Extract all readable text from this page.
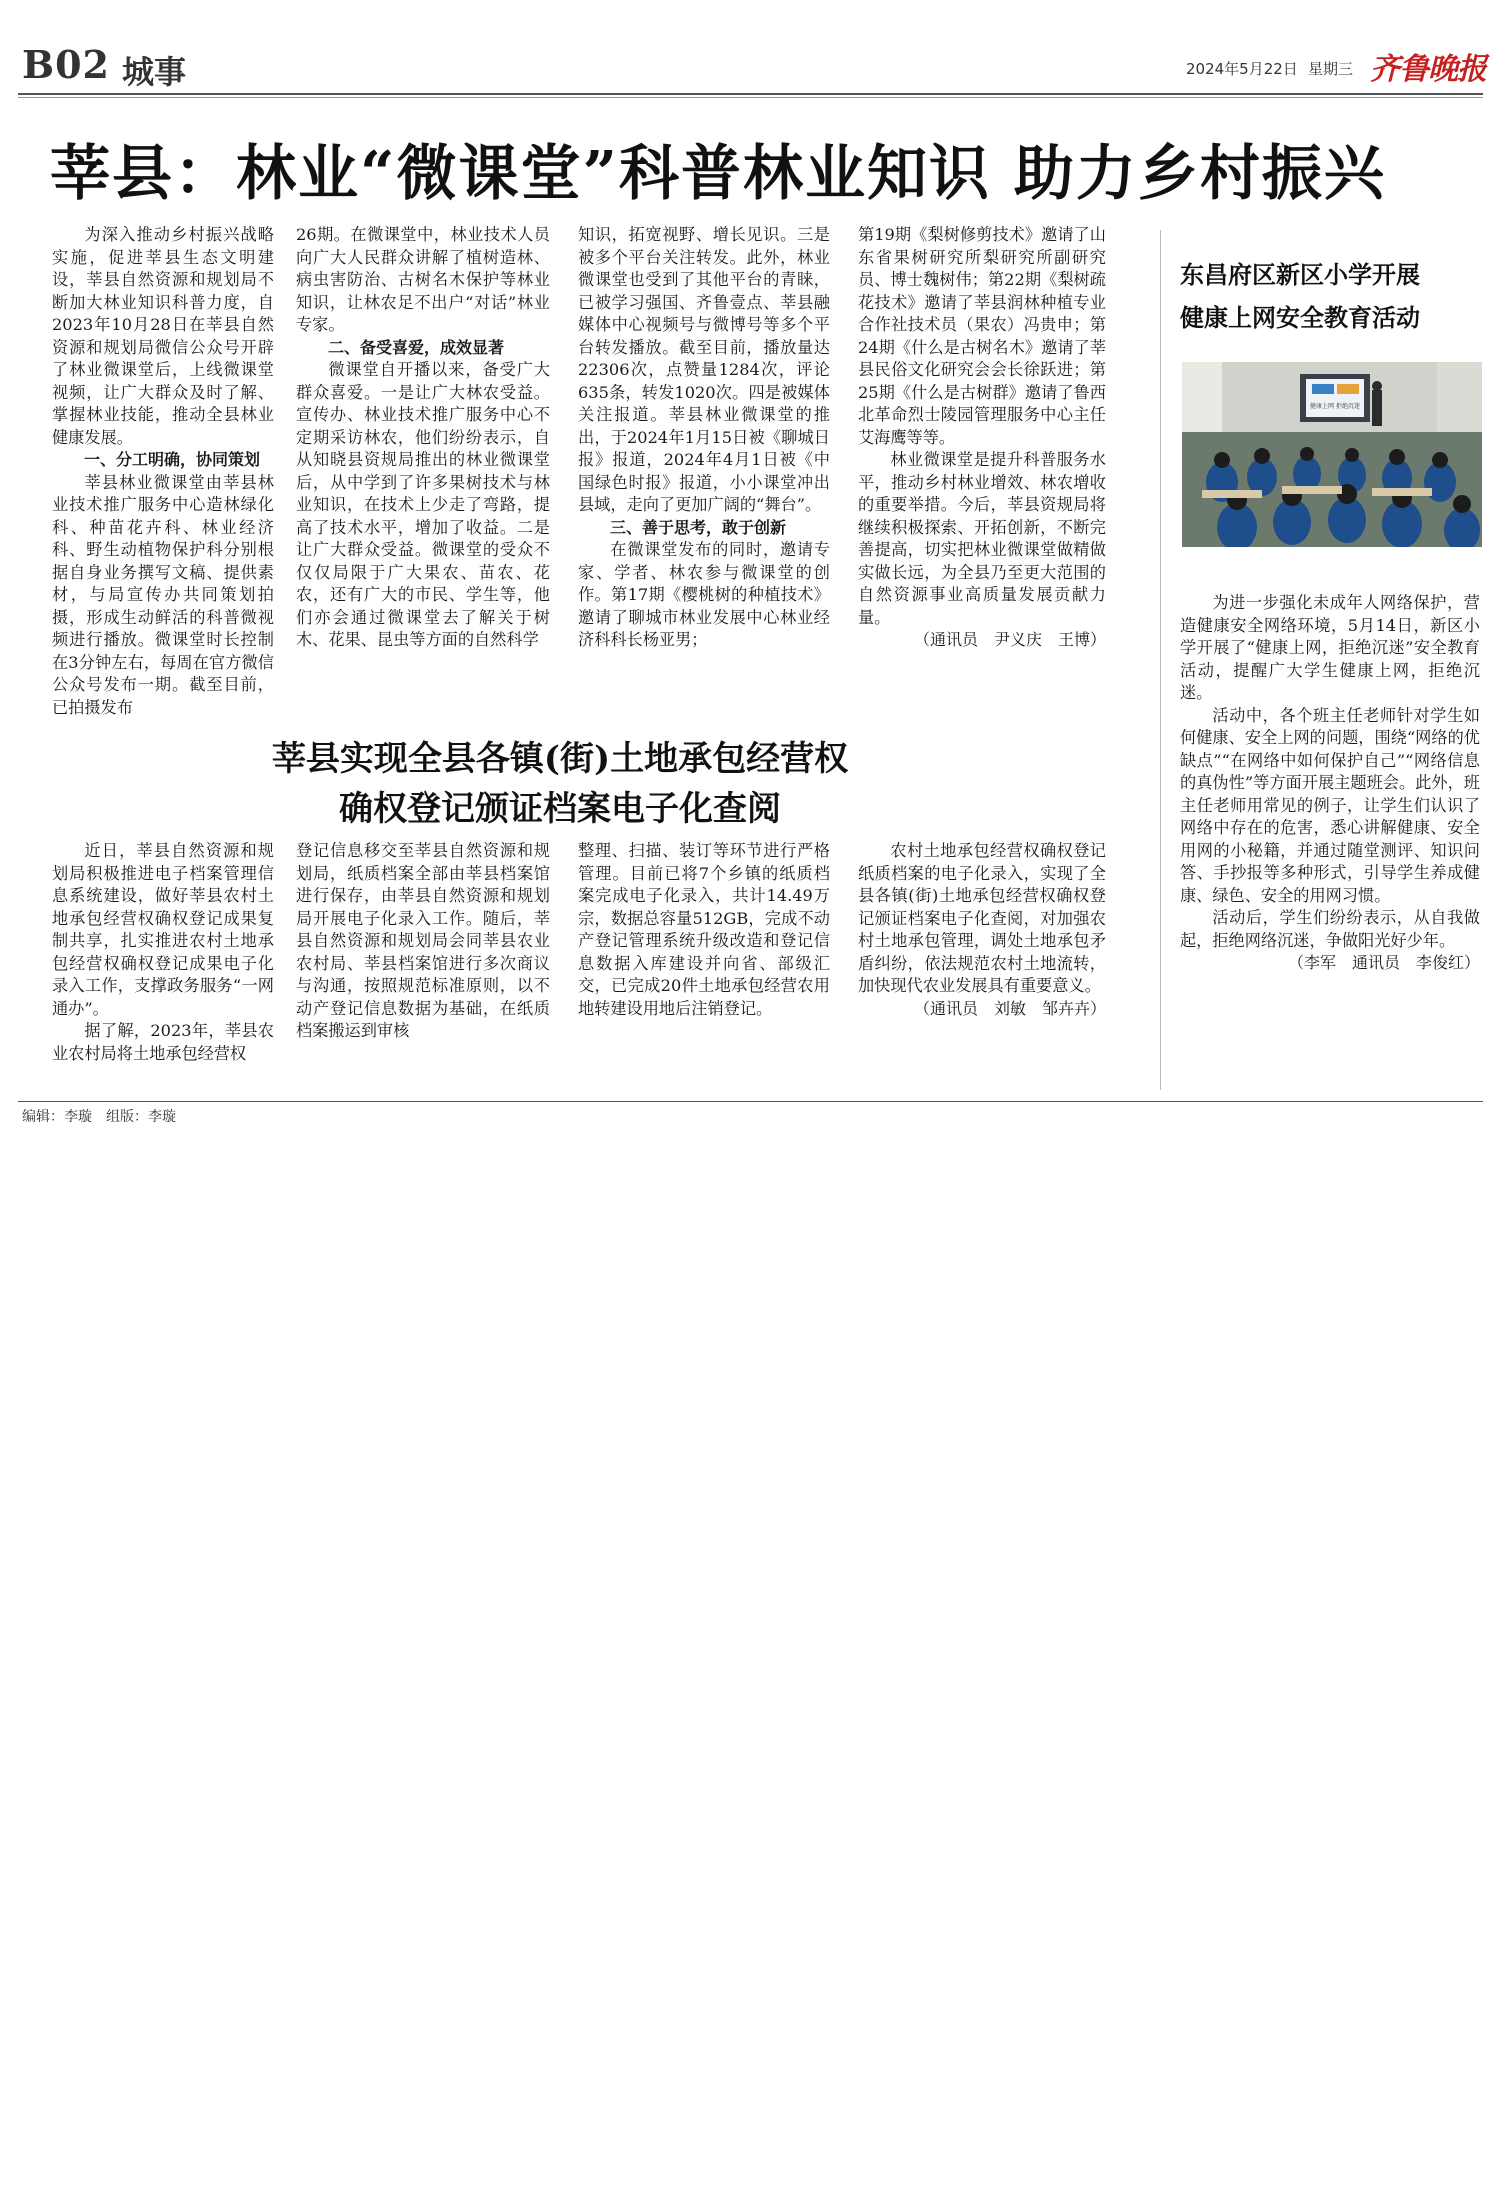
B02 城事	2024年5月22日 星期三 齐鲁晚报
莘县：林业“微课堂”科普林业知识 助力乡村振兴

为深入推动乡村振兴战略实施，促进莘县生态文明建设，莘县自然资源和规划局不断加大林业知识科普力度，自2023年10月28日在莘县自然资源和规划局微信公众号开辟了林业微课堂后，上线微课堂视频，让广大群众及时了解、掌握林业技能，推动全县林业健康发展。

一、分工明确，协同策划

莘县林业微课堂由莘县林业技术推广服务中心造林绿化科、种苗花卉科、林业经济科、野生动植物保护科分别根据自身业务撰写文稿、提供素材，与局宣传办共同策划拍摄，形成生动鲜活的科普微视频进行播放。微课堂时长控制在3分钟左右，每周在官方微信公众号发布一期。截至目前，已拍摄发布

26期。在微课堂中，林业技术人员向广大人民群众讲解了植树造林、病虫害防治、古树名木保护等林业知识，让林农足不出户“对话”林业专家。

二、备受喜爱，成效显著

微课堂自开播以来，备受广大群众喜爱。一是让广大林农受益。宣传办、林业技术推广服务中心不定期采访林农，他们纷纷表示，自从知晓县资规局推出的林业微课堂后，从中学到了许多果树技术与林业知识，在技术上少走了弯路，提高了技术水平，增加了收益。二是让广大群众受益。微课堂的受众不仅仅局限于广大果农、苗农、花农，还有广大的市民、学生等，他们亦会通过微课堂去了解关于树木、花果、昆虫等方面的自然科学

知识，拓宽视野、增长见识。三是被多个平台关注转发。此外，林业微课堂也受到了其他平台的青睐，已被学习强国、齐鲁壹点、莘县融媒体中心视频号与微博号等多个平台转发播放。截至目前，播放量达22306次，点赞量1284次，评论635条，转发1020次。四是被媒体关注报道。莘县林业微课堂的推出，于2024年1月15日被《聊城日报》报道，2024年4月1日被《中国绿色时报》报道，小小课堂冲出县域，走向了更加广阔的“舞台”。

三、善于思考，敢于创新

在微课堂发布的同时，邀请专家、学者、林农参与微课堂的创作。第17期《樱桃树的种植技术》邀请了聊城市林业发展中心林业经济科科长杨亚男；

第19期《梨树修剪技术》邀请了山东省果树研究所梨研究所副研究员、博士魏树伟；第22期《梨树疏花技术》邀请了莘县润林种植专业合作社技术员（果农）冯贵申；第24期《什么是古树名木》邀请了莘县民俗文化研究会会长徐跃进；第25期《什么是古树群》邀请了鲁西北革命烈士陵园管理服务中心主任艾海鹰等等。

林业微课堂是提升科普服务水平，推动乡村林业增效、林农增收的重要举措。今后，莘县资规局将继续积极探索、开拓创新，不断完善提高，切实把林业微课堂做精做实做长远，为全县乃至更大范围的自然资源事业高质量发展贡献力量。

（通讯员　尹义庆　王博）

东昌府区新区小学开展
健康上网安全教育活动
健康上网 拒绝沉迷

为进一步强化未成年人网络保护，营造健康安全网络环境，5月14日，新区小学开展了“健康上网，拒绝沉迷”安全教育活动，提醒广大学生健康上网，拒绝沉迷。

活动中，各个班主任老师针对学生如何健康、安全上网的问题，围绕“网络的优缺点”“在网络中如何保护自己”“网络信息的真伪性”等方面开展主题班会。此外，班主任老师用常见的例子，让学生们认识了网络中存在的危害，悉心讲解健康、安全用网的小秘籍，并通过随堂测评、知识问答、手抄报等多种形式，引导学生养成健康、绿色、安全的用网习惯。

活动后，学生们纷纷表示，从自我做起，拒绝网络沉迷，争做阳光好少年。

（李军　通讯员　李俊红）

莘县实现全县各镇(街)土地承包经营权
确权登记颁证档案电子化查阅

近日，莘县自然资源和规划局积极推进电子档案管理信息系统建设，做好莘县农村土地承包经营权确权登记成果复制共享，扎实推进农村土地承包经营权确权登记成果电子化录入工作，支撑政务服务“一网通办”。

据了解，2023年，莘县农业农村局将土地承包经营权

登记信息移交至莘县自然资源和规划局，纸质档案全部由莘县档案馆进行保存，由莘县自然资源和规划局开展电子化录入工作。随后，莘县自然资源和规划局会同莘县农业农村局、莘县档案馆进行多次商议与沟通，按照规范标准原则，以不动产登记信息数据为基础，在纸质档案搬运到审核

整理、扫描、装订等环节进行严格管理。目前已将7个乡镇的纸质档案完成电子化录入，共计14.49万宗，数据总容量512GB，完成不动产登记管理系统升级改造和登记信息数据入库建设并向省、部级汇交，已完成20件土地承包经营农用地转建设用地后注销登记。

农村土地承包经营权确权登记纸质档案的电子化录入，实现了全县各镇(街)土地承包经营权确权登记颁证档案电子化查阅，对加强农村土地承包管理，调处土地承包矛盾纠纷，依法规范农村土地流转，加快现代农业发展具有重要意义。

（通讯员　刘敏　邹卉卉）

编辑：李璇　组版：李璇
